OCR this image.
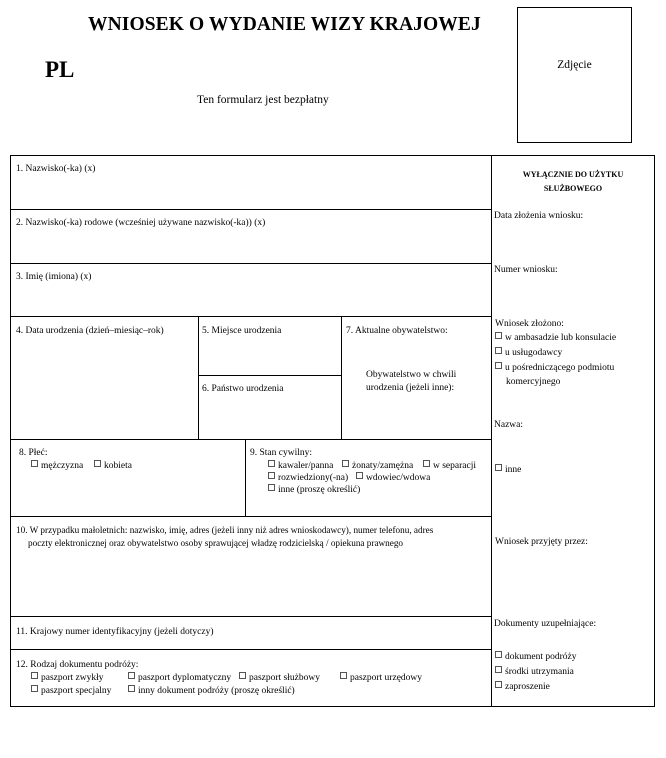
WNIOSEK O WYDANIE WIZY KRAJOWEJ
PL
Ten formularz jest bezpłatny
Zdjęcie
1. Nazwisko(-ka) (x)
2. Nazwisko(-ka) rodowe (wcześniej używane nazwisko(-ka)) (x)
3. Imię (imiona) (x)
4. Data urodzenia (dzień–miesiąc–rok)	5. Miejsce urodzenia
6. Państwo urodzenia
7. Aktualne obywatelstwo:
Obywatelstwo w chwili
urodzenia (jeżeli inne):
8. Płeć:
mężczyzna	kobieta
9. Stan cywilny:
kawaler/panna	żonaty/zamężna	w separacji
rozwiedziony(-na)	wdowiec/wdowa
inne (proszę określić)
10. W przypadku małoletnich: nazwisko, imię, adres (jeżeli inny niż adres wnioskodawcy), numer telefonu, adres
poczty elektronicznej oraz obywatelstwo osoby sprawującej władzę rodzicielską / opiekuna prawnego
11. Krajowy numer identyfikacyjny (jeżeli dotyczy)
12. Rodzaj dokumentu podróży:
paszport zwykły	paszport dyplomatyczny	paszport służbowy	paszport urzędowy
paszport specjalny	inny dokument podróży (proszę określić)
WYŁĄCZNIE DO UŻYTKU
SŁUŻBOWEGO
Data złożenia wniosku:
Numer wniosku:
Wniosek złożono:
w ambasadzie lub konsulacie
u usługodawcy
u pośredniczącego podmiotu
komercyjnego
Nazwa:
inne
Wniosek przyjęty przez:
Dokumenty uzupełniające:
dokument podróży
środki utrzymania
zaproszenie
